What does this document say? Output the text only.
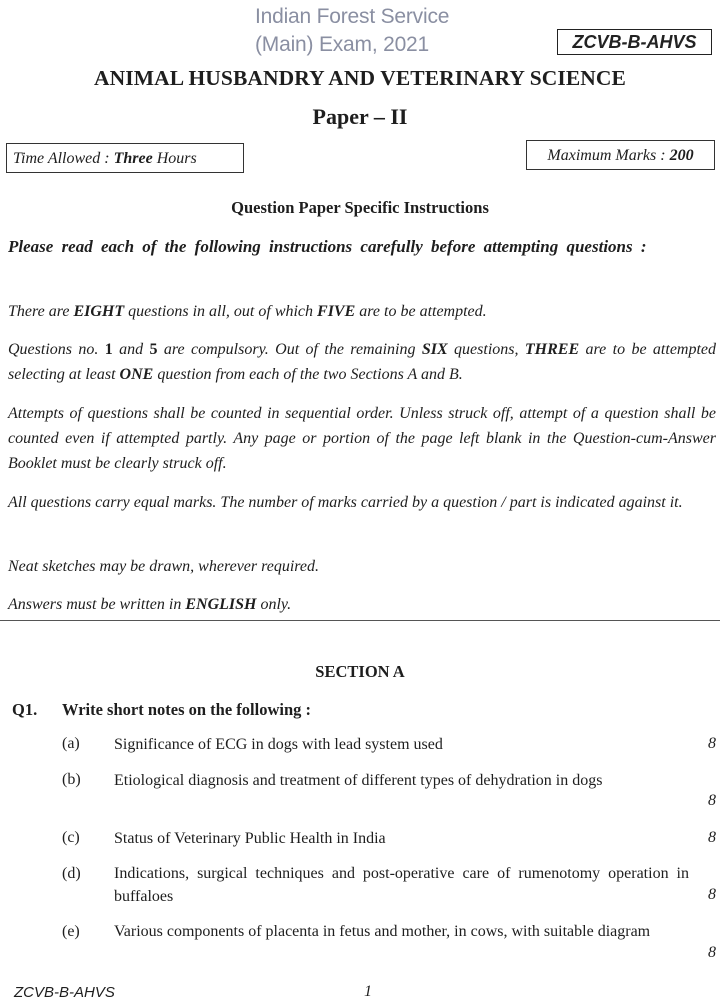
Indian Forest Service
(Main) Exam, 2021	ZCVB-B-AHVS
ANIMAL HUSBANDRY AND VETERINARY SCIENCE
Paper – II
Time Allowed : Three Hours	Maximum Marks : 200
Question Paper Specific Instructions
Please read each of the following instructions carefully before attempting questions :
There are EIGHT questions in all, out of which FIVE are to be attempted.
Questions no. 1 and 5 are compulsory. Out of the remaining SIX questions, THREE are to be attempted selecting at least ONE question from each of the two Sections A and B.
Attempts of questions shall be counted in sequential order. Unless struck off, attempt of a question shall be counted even if attempted partly. Any page or portion of the page left blank in the Question-cum-Answer Booklet must be clearly struck off.
All questions carry equal marks. The number of marks carried by a question / part is indicated against it.
Neat sketches may be drawn, wherever required.
Answers must be written in ENGLISH only.
SECTION A
Q1. Write short notes on the following :
(a) Significance of ECG in dogs with lead system used	8
(b) Etiological diagnosis and treatment of different types of dehydration in dogs
8
(c) Status of Veterinary Public Health in India	8
(d) Indications, surgical techniques and post-operative care of rumenotomy operation in buffaloes	8
(e) Various components of placenta in fetus and mother, in cows, with suitable diagram
8
ZCVB-B-AHVS	1
